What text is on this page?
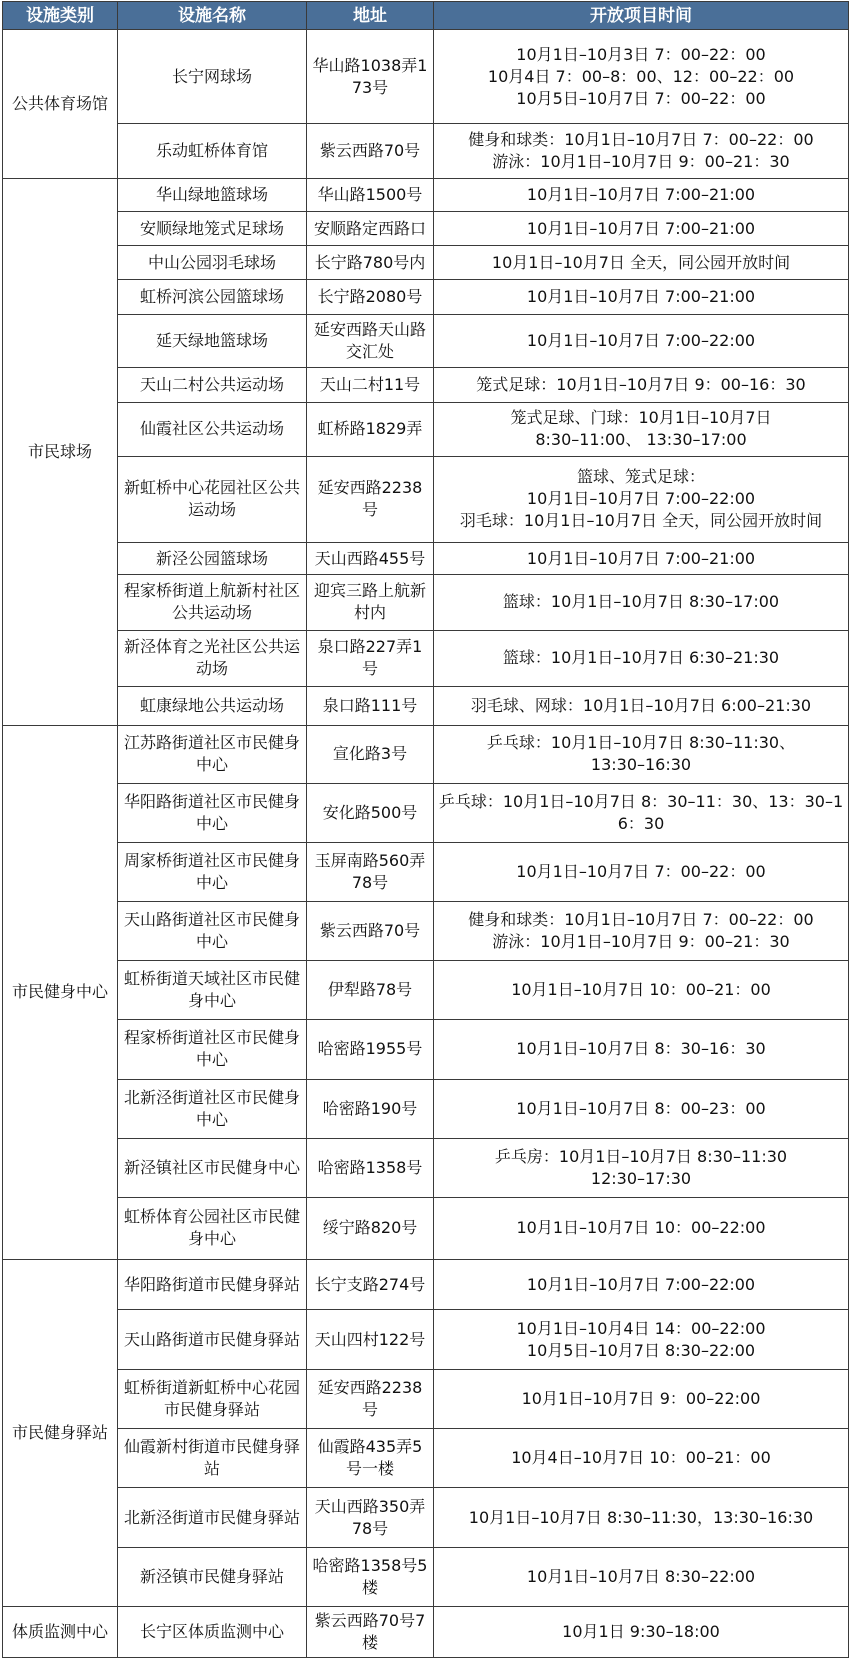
设施类别	设施名称	地址	开放项目时间
公共体育场馆	长宁网球场	华山路1038弄173号	10月1日–10月3日 7：00–22：00
10月4日 7：00–8：00、12：00–22：00
10月5日–10月7日 7：00–22：00

	乐动虹桥体育馆	紫云西路70号	健身和球类：10月1日–10月7日 7：00–22：00
游泳：10月1日–10月7日 9：00–21：30

市民球场	华山绿地篮球场	华山路1500号	10月1日–10月7日 7:00–21:00

	安顺绿地笼式足球场	安顺路定西路口	10月1日–10月7日 7:00–21:00

	中山公园羽毛球场	长宁路780号内	10月1日–10月7日 全天，同公园开放时间

	虹桥河滨公园篮球场	长宁路2080号	10月1日–10月7日 7:00–21:00

	延天绿地篮球场	延安西路天山路交汇处	10月1日–10月7日 7:00–22:00

	天山二村公共运动场	天山二村11号	笼式足球：10月1日–10月7日 9：00–16：30

	仙霞社区公共运动场	虹桥路1829弄	笼式足球、门球：10月1日–10月7日
8:30–11:00、 13:30–17:00

	新虹桥中心花园社区公共运动场	延安西路2238号	篮球、笼式足球：
10月1日–10月7日 7:00–22:00
羽毛球：10月1日–10月7日 全天，同公园开放时间

	新泾公园篮球场	天山西路455号	10月1日–10月7日 7:00–21:00

	程家桥街道上航新村社区公共运动场	迎宾三路上航新村内	篮球：10月1日–10月7日 8:30–17:00

	新泾体育之光社区公共运动场	泉口路227弄1号	篮球：10月1日–10月7日 6:30–21:30

	虹康绿地公共运动场	泉口路111号	羽毛球、网球：10月1日–10月7日 6:00–21:30

市民健身中心	江苏路街道社区市民健身中心	宣化路3号	乒乓球：10月1日–10月7日 8:30–11:30、
13:30–16:30

	华阳路街道社区市民健身中心	安化路500号	乒乓球：10月1日–10月7日 8：30–11：30、13：30–16：30

	周家桥街道社区市民健身中心	玉屏南路560弄78号	10月1日–10月7日 7：00–22：00

	天山路街道社区市民健身中心	紫云西路70号	健身和球类：10月1日–10月7日 7：00–22：00
游泳：10月1日–10月7日 9：00–21：30

	虹桥街道天域社区市民健身中心	伊犁路78号	10月1日–10月7日 10：00–21：00

	程家桥街道社区市民健身中心	哈密路1955号	10月1日–10月7日 8：30–16：30

	北新泾街道社区市民健身中心	哈密路190号	10月1日–10月7日 8：00–23：00

	新泾镇社区市民健身中心	哈密路1358号	乒乓房：10月1日–10月7日 8:30–11:30
12:30–17:30

	虹桥体育公园社区市民健身中心	绥宁路820号	10月1日–10月7日 10：00–22:00

市民健身驿站	华阳路街道市民健身驿站	长宁支路274号	10月1日–10月7日 7:00–22:00

	天山路街道市民健身驿站	天山四村122号	10月1日–10月4日 14：00–22:00
10月5日–10月7日 8:30–22:00

	虹桥街道新虹桥中心花园市民健身驿站	延安西路2238号	10月1日–10月7日 9：00–22:00

	仙霞新村街道市民健身驿站	仙霞路435弄5号一楼	10月4日–10月7日 10：00–21：00

	北新泾街道市民健身驿站	天山西路350弄78号	10月1日–10月7日 8:30–11:30，13:30–16:30

	新泾镇市民健身驿站	哈密路1358号5楼	10月1日–10月7日 8:30–22:00

体质监测中心	长宁区体质监测中心	紫云西路70号7楼	10月1日 9:30–18:00
